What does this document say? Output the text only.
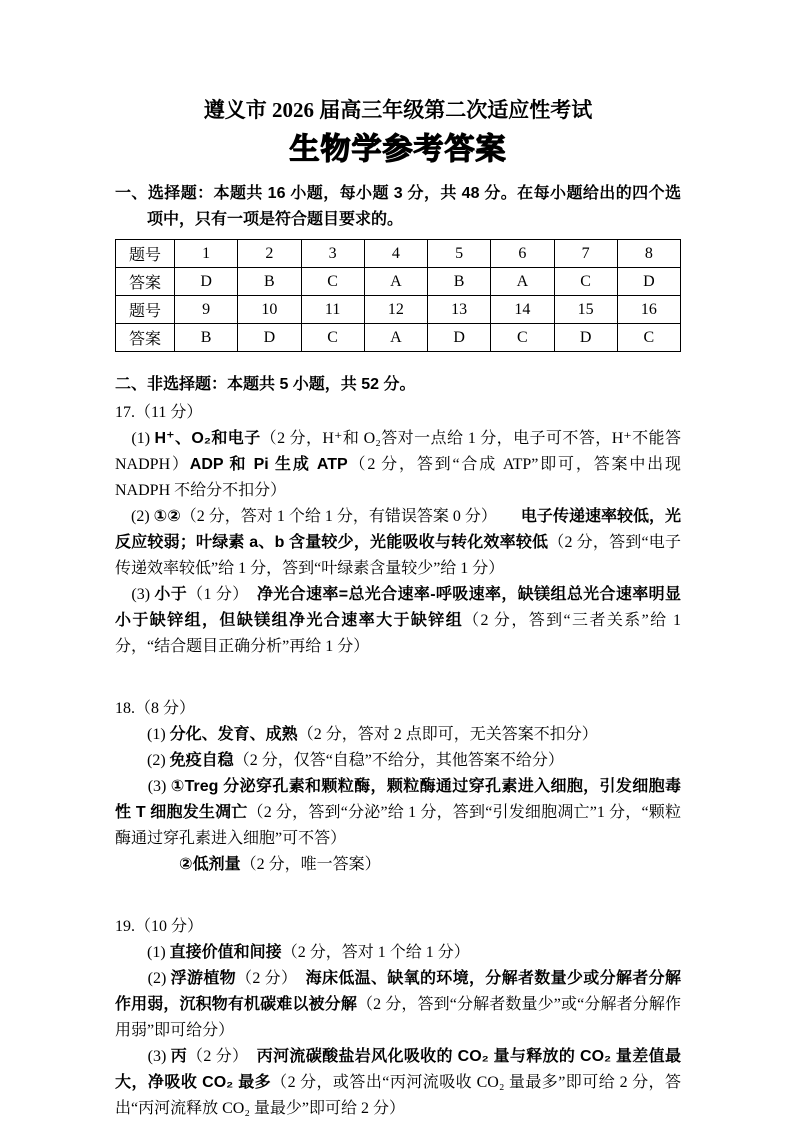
遵义市 2026 届高三年级第二次适应性考试
生物学参考答案

一、选择题：本题共 16 小题，每小题 3 分，共 48 分。在每小题给出的四个选项中，只有一项是符合题目要求的。

题号	1	2	3	4	5	6	7	8
答案	D	B	C	A	B	A	C	D
题号	9	10	11	12	13	14	15	16
答案	B	D	C	A	D	C	D	C

二、非选择题：本题共 5 小题，共 52 分。

17.（11 分）

　(1) H⁺、O₂和电子（2 分，H⁺和 O₂答对一点给 1 分，电子可不答，H⁺不能答 NADPH）ADP 和 Pi 生成 ATP（2 分，答到“合成 ATP”即可，答案中出现 NADPH 不给分不扣分）

　(2) ①②（2 分，答对 1 个给 1 分，有错误答案 0 分）　　电子传递速率较低，光反应较弱；叶绿素 a、b 含量较少，光能吸收与转化效率较低（2 分，答到“电子传递效率较低”给 1 分，答到“叶绿素含量较少”给 1 分）

　(3) 小于（1 分）　净光合速率=总光合速率-呼吸速率，缺镁组总光合速率明显小于缺锌组，但缺镁组净光合速率大于缺锌组（2 分，答到“三者关系”给 1 分，“结合题目正确分析”再给 1 分）

18.（8 分）

　　(1) 分化、发育、成熟（2 分，答对 2 点即可，无关答案不扣分）

　　(2) 免疫自稳（2 分，仅答“自稳”不给分，其他答案不给分）

　　(3) ①Treg 分泌穿孔素和颗粒酶，颗粒酶通过穿孔素进入细胞，引发细胞毒性 T 细胞发生凋亡（2 分，答到“分泌”给 1 分，答到“引发细胞凋亡”1 分，“颗粒酶通过穿孔素进入细胞”可不答）

　　　　②低剂量（2 分，唯一答案）

19.（10 分）

　　(1) 直接价值和间接（2 分，答对 1 个给 1 分）

　　(2) 浮游植物（2 分）　海床低温、缺氧的环境，分解者数量少或分解者分解作用弱，沉积物有机碳难以被分解（2 分，答到“分解者数量少”或“分解者分解作用弱”即可给分）

　　(3) 丙（2 分）　丙河流碳酸盐岩风化吸收的 CO₂ 量与释放的 CO₂ 量差值最大，净吸收 CO₂ 最多（2 分，或答出“丙河流吸收 CO₂ 量最多”即可给 2 分，答出“丙河流释放 CO₂ 量最少”即可给 2 分）
